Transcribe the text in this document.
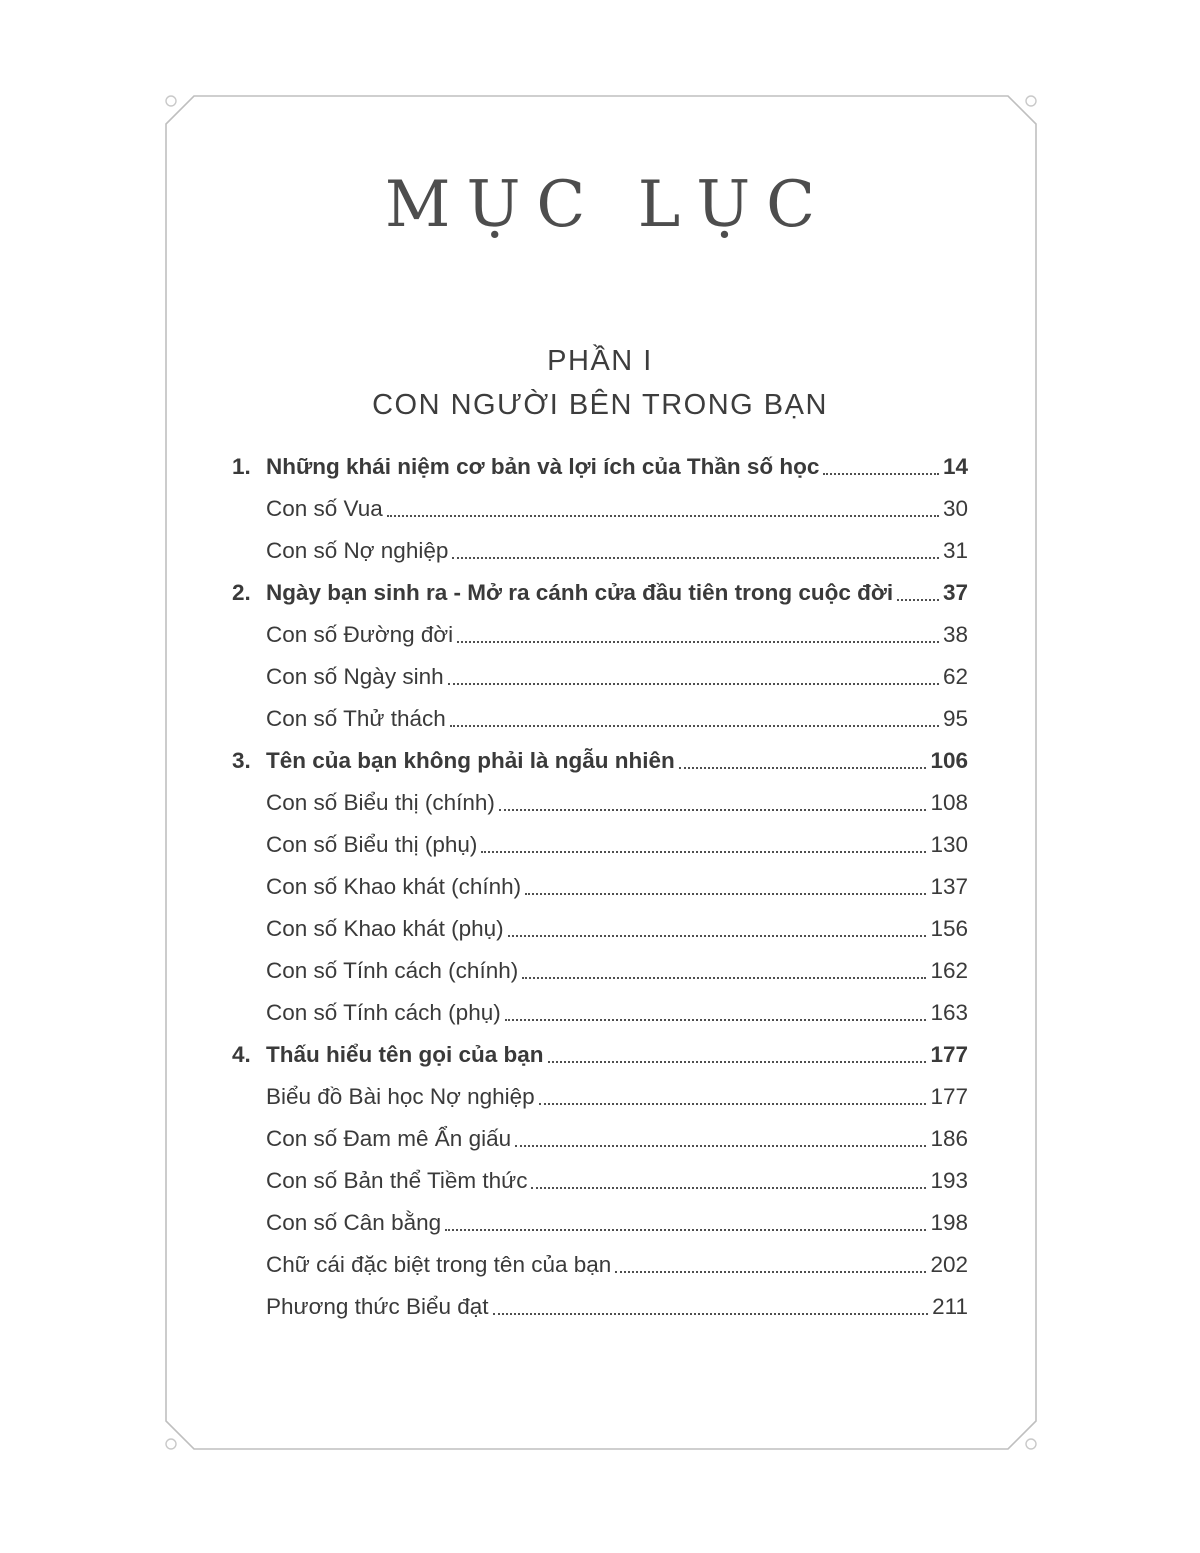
MỤC LỤC
PHẦN I
CON NGƯỜI BÊN TRONG BẠN
1. Những khái niệm cơ bản và lợi ích của Thần số học	14
Con số Vua	30
Con số Nợ nghiệp	31
2. Ngày bạn sinh ra - Mở ra cánh cửa đầu tiên trong cuộc đời 37
Con số Đường đời	38
Con số Ngày sinh	62
Con số Thử thách	95
3. Tên của bạn không phải là ngẫu nhiên	106
Con số Biểu thị (chính)	108
Con số Biểu thị (phụ)	130
Con số Khao khát (chính)	137
Con số Khao khát (phụ)	156
Con số Tính cách (chính)	162
Con số Tính cách (phụ)	163
4. Thấu hiểu tên gọi của bạn	177
Biểu đồ Bài học Nợ nghiệp	177
Con số Đam mê Ẩn giấu	186
Con số Bản thể Tiềm thức	193
Con số Cân bằng	198
Chữ cái đặc biệt trong tên của bạn	202
Phương thức Biểu đạt	211
